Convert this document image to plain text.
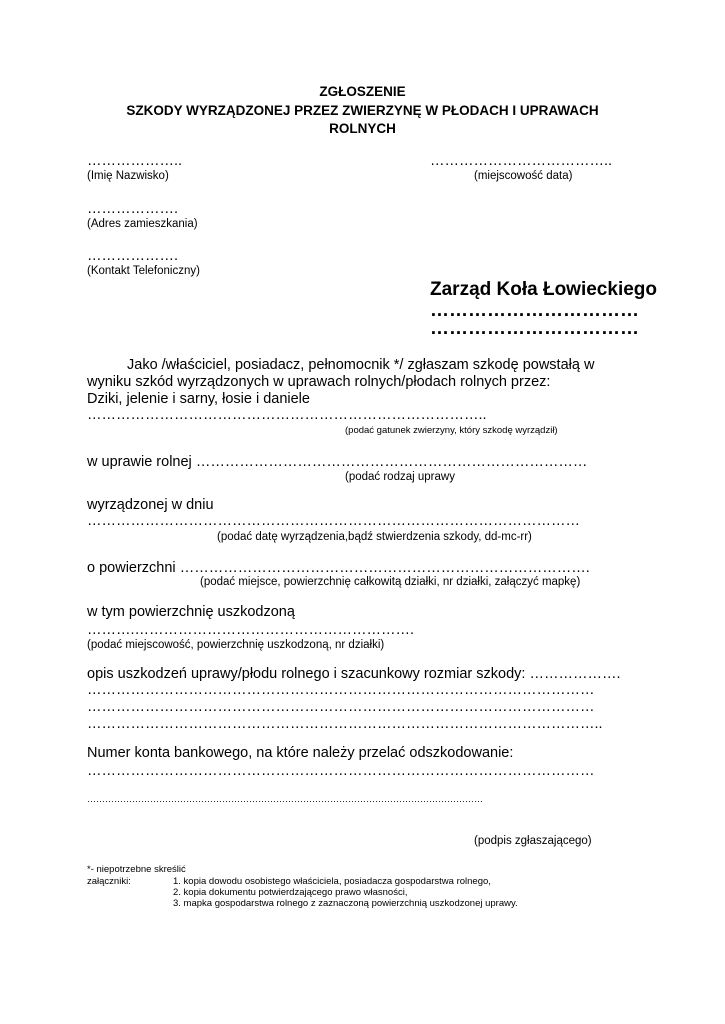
ZGŁOSZENIE
SZKODY WYRZĄDZONEJ PRZEZ ZWIERZYNĘ W PŁODACH I UPRAWACH
ROLNYCH
………………..
(Imię Nazwisko)
………………………………..
(miejscowość data)
……………….
(Adres zamieszkania)
……………….
(Kontakt Telefoniczny)
Zarząd Koła Łowieckiego
……………………………
……………………………
Jako /właściciel, posiadacz, pełnomocnik */ zgłaszam szkodę powstałą w
wyniku szkód wyrządzonych w uprawach rolnych/płodach rolnych przez:
Dziki, jelenie i sarny, łosie i daniele
………………………………………………………………………..
(podać gatunek zwierzyny, który szkodę wyrządził)
w uprawie rolnej ………………………………………………………………………
(podać rodzaj uprawy
wyrządzonej w dniu
…………………………………………………………………………………………
(podać datę wyrządzenia,bądź stwierdzenia szkody, dd-mc-rr)
o powierzchni ………………………………………………………………………….
(podać miejsce, powierzchnię całkowitą działki, nr działki, załączyć mapkę)
w tym powierzchnię uszkodzoną
……….………………………………………………….
(podać miejscowość, powierzchnię uszkodzoną, nr działki)
opis uszkodzeń uprawy/płodu rolnego i szacunkowy rozmiar szkody: ……………….
……………………………………………………………………………………………
……………………………………………………………………………………………
……………………………………………………………………………………………..
Numer konta bankowego, na które należy przelać odszkodowanie:
……………………………………………………………………………………………
……………………………………………………………………………………………………………………
(podpis zgłaszającego)
*- niepotrzebne skreślić
załączniki:	1. kopia dowodu osobistego właściciela, posiadacza gospodarstwa rolnego,
2. kopia dokumentu potwierdzającego prawo własności,
3. mapka gospodarstwa rolnego z zaznaczoną powierzchnią uszkodzonej uprawy.
